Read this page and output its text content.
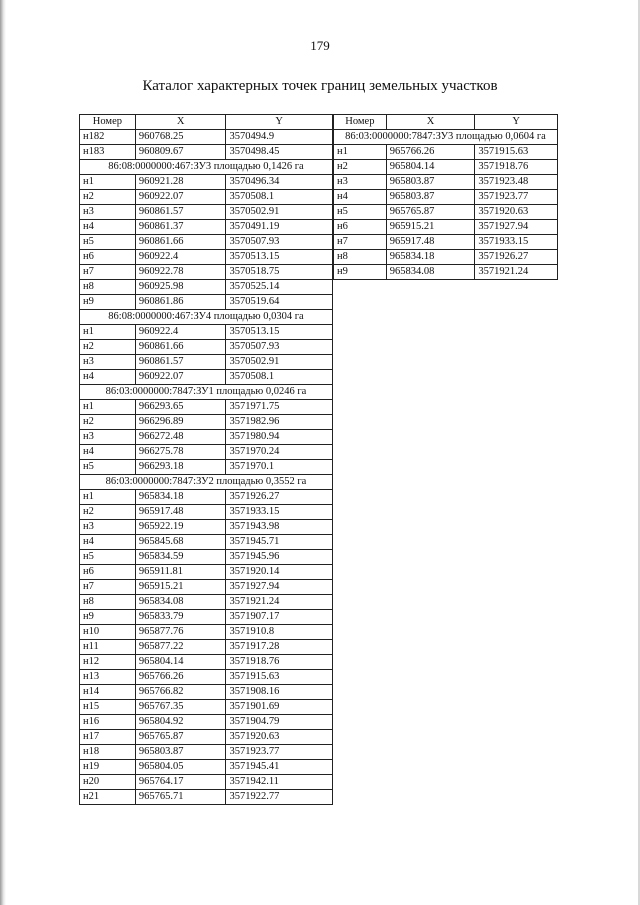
179
Каталог характерных точек границ земельных участков
Номер	X	Y
н182	960768.25	3570494.9
н183	960809.67	3570498.45
86:08:0000000:467:ЗУ3 площадью 0,1426 га		
н1	960921.28	3570496.34
н2	960922.07	3570508.1
н3	960861.57	3570502.91
н4	960861.37	3570491.19
н5	960861.66	3570507.93
н6	960922.4	3570513.15
н7	960922.78	3570518.75
н8	960925.98	3570525.14
н9	960861.86	3570519.64
86:08:0000000:467:ЗУ4 площадью 0,0304 га		
н1	960922.4	3570513.15
н2	960861.66	3570507.93
н3	960861.57	3570502.91
н4	960922.07	3570508.1
86:03:0000000:7847:ЗУ1 площадью 0,0246 га		
н1	966293.65	3571971.75
н2	966296.89	3571982.96
н3	966272.48	3571980.94
н4	966275.78	3571970.24
н5	966293.18	3571970.1
86:03:0000000:7847:ЗУ2 площадью 0,3552 га		
н1	965834.18	3571926.27
н2	965917.48	3571933.15
н3	965922.19	3571943.98
н4	965845.68	3571945.71
н5	965834.59	3571945.96
н6	965911.81	3571920.14
н7	965915.21	3571927.94
н8	965834.08	3571921.24
н9	965833.79	3571907.17
н10	965877.76	3571910.8
н11	965877.22	3571917.28
н12	965804.14	3571918.76
н13	965766.26	3571915.63
н14	965766.82	3571908.16
н15	965767.35	3571901.69
н16	965804.92	3571904.79
н17	965765.87	3571920.63
н18	965803.87	3571923.77
н19	965804.05	3571945.41
н20	965764.17	3571942.11
н21	965765.71	3571922.77
Номер	X	Y
86:03:0000000:7847:ЗУ3 площадью 0,0604 га		
н1	965766.26	3571915.63
н2	965804.14	3571918.76
н3	965803.87	3571923.48
н4	965803.87	3571923.77
н5	965765.87	3571920.63
н6	965915.21	3571927.94
н7	965917.48	3571933.15
н8	965834.18	3571926.27
н9	965834.08	3571921.24
